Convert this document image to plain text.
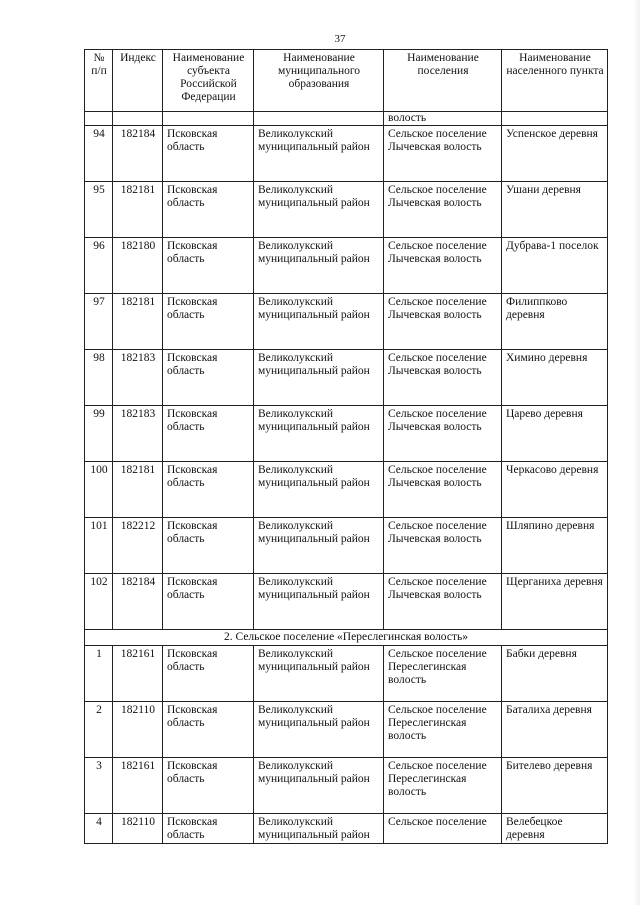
37
№ п/п	Индекс	Наименование субъекта Российской Федерации	Наименование муниципального образования	Наименование поселения	Наименование населенного пункта
				волость	
94	182184	Псковская область	Великолукский муниципальный район	Сельское поселение Лычевская волость	Успенское деревня
95	182181	Псковская область	Великолукский муниципальный район	Сельское поселение Лычевская волость	Ушани деревня
96	182180	Псковская область	Великолукский муниципальный район	Сельское поселение Лычевская волость	Дубрава-1 поселок
97	182181	Псковская область	Великолукский муниципальный район	Сельское поселение Лычевская волость	Филиппково деревня
98	182183	Псковская область	Великолукский муниципальный район	Сельское поселение Лычевская волость	Химино деревня
99	182183	Псковская область	Великолукский муниципальный район	Сельское поселение Лычевская волость	Царево деревня
100	182181	Псковская область	Великолукский муниципальный район	Сельское поселение Лычевская волость	Черкасово деревня
101	182212	Псковская область	Великолукский муниципальный район	Сельское поселение Лычевская волость	Шляпино деревня
102	182184	Псковская область	Великолукский муниципальный район	Сельское поселение Лычевская волость	Щерганиха деревня
2. Сельское поселение «Переслегинская волость»					
1	182161	Псковская область	Великолукский муниципальный район	Сельское поселение Переслегинская волость	Бабки деревня
2	182110	Псковская область	Великолукский муниципальный район	Сельское поселение Переслегинская волость	Баталиха деревня
3	182161	Псковская область	Великолукский муниципальный район	Сельское поселение Переслегинская волость	Бителево деревня
4	182110	Псковская область	Великолукский муниципальный район	Сельское поселение	Велебецкое деревня
